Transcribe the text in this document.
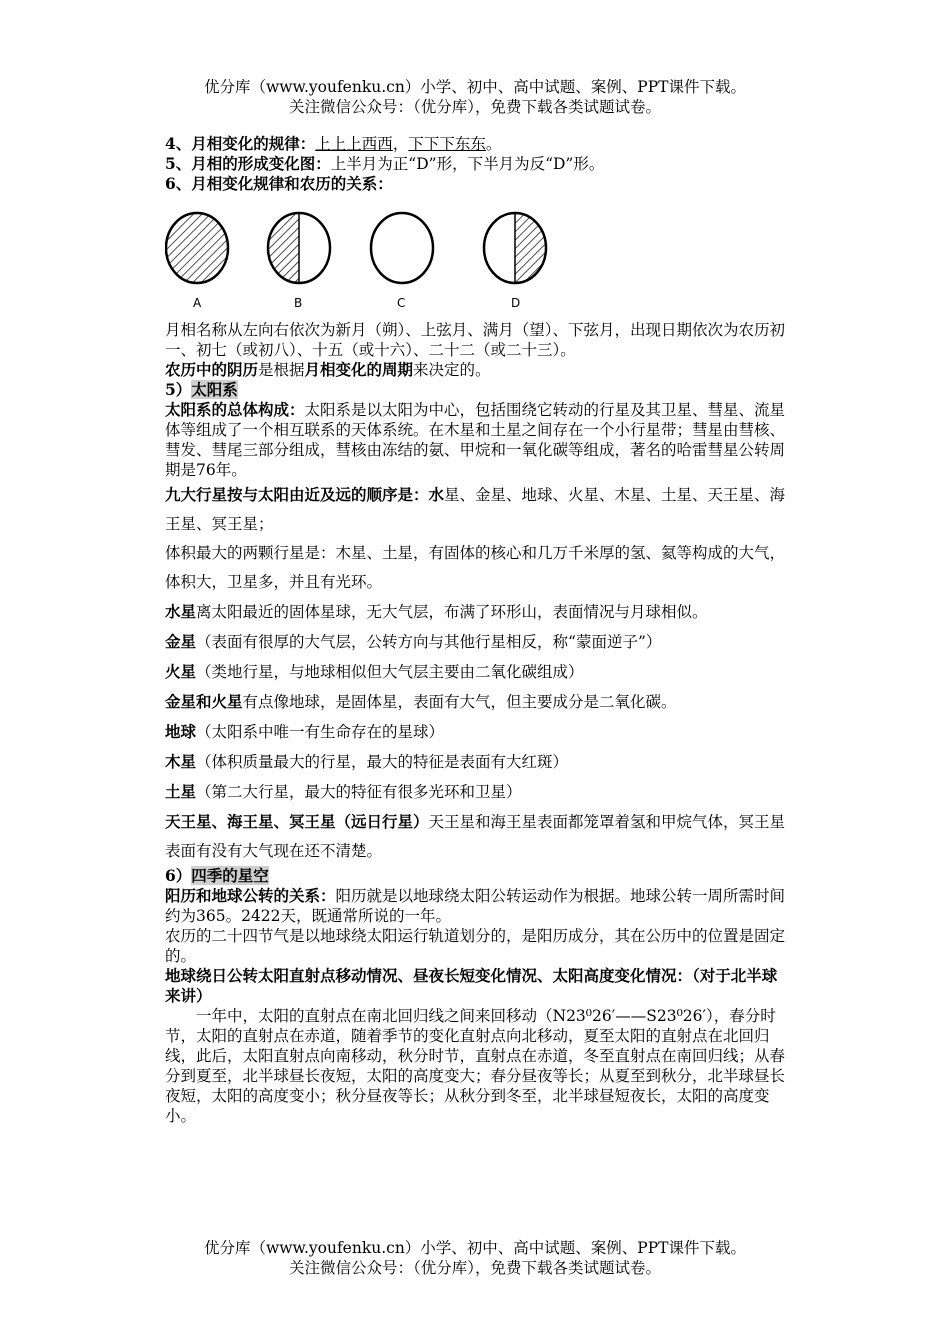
优分库（www.youfenku.cn）小学、初中、高中试题、案例、PPT课件下载。
关注微信公众号：（优分库），免费下载各类试题试卷。

4、月相变化的规律：上上上西西，下下下东东。

5、月相的形成变化图：上半月为正“D”形，下半月为反“D”形。

6、月相变化规律和农历的关系：

A	B	C	D

月相名称从左向右依次为新月（朔）、上弦月、满月（望）、下弦月，出现日期依次为农历初一、初七（或初八）、十五（或十六）、二十二（或二十三）。

农历中的阴历是根据月相变化的周期来决定的。

5）太阳系

太阳系的总体构成：太阳系是以太阳为中心，包括围绕它转动的行星及其卫星、彗星、流星体等组成了一个相互联系的天体系统。在木星和土星之间存在一个小行星带；彗星由彗核、彗发、彗尾三部分组成，彗核由冻结的氨、甲烷和一氧化碳等组成，著名的哈雷彗星公转周期是76年。

九大行星按与太阳由近及远的顺序是：水星、金星、地球、火星、木星、土星、天王星、海王星、冥王星；

体积最大的两颗行星是：木星、土星，有固体的核心和几万千米厚的氢、氦等构成的大气，体积大，卫星多，并且有光环。

水星离太阳最近的固体星球，无大气层，布满了环形山，表面情况与月球相似。

金星（表面有很厚的大气层，公转方向与其他行星相反，称“蒙面逆子”）

火星（类地行星，与地球相似但大气层主要由二氧化碳组成）

金星和火星有点像地球，是固体星，表面有大气，但主要成分是二氧化碳。

地球（太阳系中唯一有生命存在的星球）

木星（体积质量最大的行星，最大的特征是表面有大红斑）

土星（第二大行星，最大的特征有很多光环和卫星）

天王星、海王星、冥王星（远日行星）天王星和海王星表面都笼罩着氢和甲烷气体，冥王星表面有没有大气现在还不清楚。

6）四季的星空

阳历和地球公转的关系：阳历就是以地球绕太阳公转运动作为根据。地球公转一周所需时间约为365。2422天，既通常所说的一年。

农历的二十四节气是以地球绕太阳运行轨道划分的，是阳历成分，其在公历中的位置是固定的。

地球绕日公转太阳直射点移动情况、昼夜长短变化情况、太阳高度变化情况：（对于北半球来讲）

一年中，太阳的直射点在南北回归线之间来回移动（N23⁰26′——S23⁰26′），春分时节，太阳的直射点在赤道，随着季节的变化直射点向北移动，夏至太阳的直射点在北回归线，此后，太阳直射点向南移动，秋分时节，直射点在赤道，冬至直射点在南回归线；从春分到夏至，北半球昼长夜短，太阳的高度变大；春分昼夜等长；从夏至到秋分，北半球昼长夜短，太阳的高度变小；秋分昼夜等长；从秋分到冬至，北半球昼短夜长，太阳的高度变小。

优分库（www.youfenku.cn）小学、初中、高中试题、案例、PPT课件下载。
关注微信公众号：（优分库），免费下载各类试题试卷。
